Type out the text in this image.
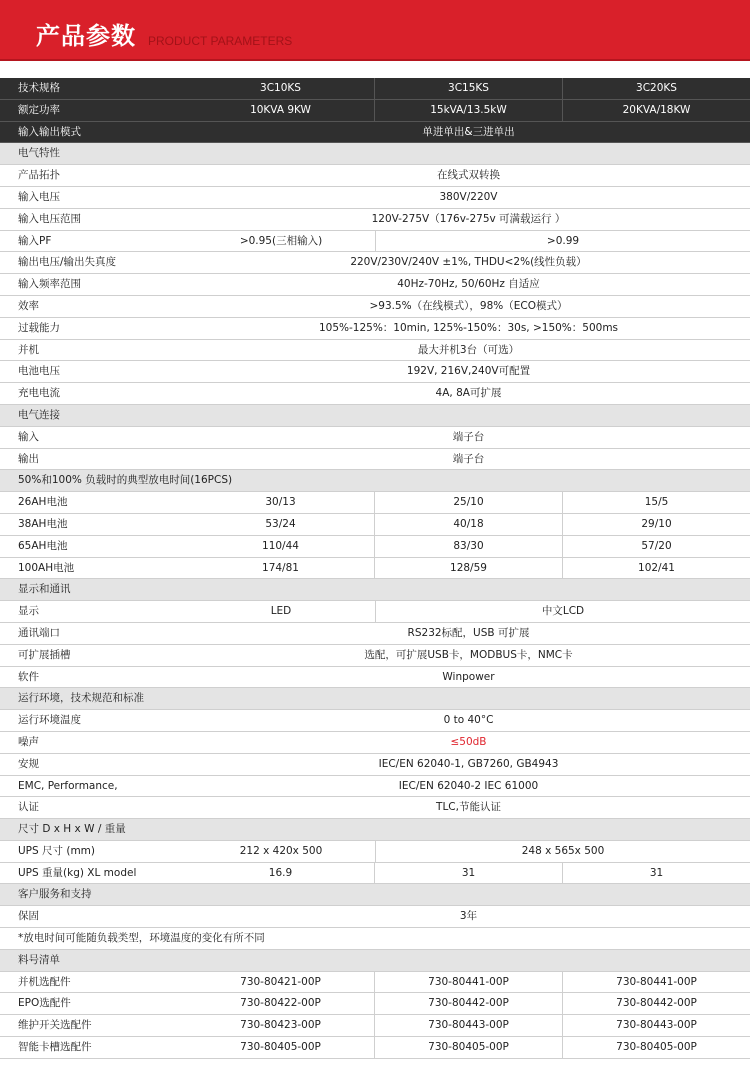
产品参数 PRODUCT PARAMETERS
技术规格	3C10KS	3C15KS	3C20KS
额定功率	10KVA 9KW	15kVA/13.5kW	20KVA/18KW
输入输出模式	单进单出&三进单出
电气特性
产品拓扑	在线式双转换
输入电压	380V/220V
输入电压范围	120V-275V（176v-275v 可满载运行 ）
输入PF	>0.95(三相输入)	>0.99
输出电压/输出失真度	220V/230V/240V ±1%, THDU<2%(线性负载）
输入频率范围	40Hz-70Hz, 50/60Hz 自适应
效率	>93.5%（在线模式），98%（ECO模式）
过载能力	105%-125%：10min, 125%-150%：30s, >150%：500ms
并机	最大并机3台（可选）
电池电压	192V, 216V,240V可配置
充电电流	4A, 8A可扩展
电气连接
输入	端子台
输出	端子台
50%和100% 负载时的典型放电时间(16PCS)
26AH电池	30/13	25/10	15/5
38AH电池	53/24	40/18	29/10
65AH电池	110/44	83/30	57/20
100AH电池	174/81	128/59	102/41
显示和通讯
显示	LED	中文LCD
通讯端口	RS232标配，USB 可扩展
可扩展插槽	选配，可扩展USB卡，MODBUS卡，NMC卡
软件	Winpower
运行环境，技术规范和标准
运行环境温度	0 to 40°C
噪声	≤50dB
安规	IEC/EN 62040-1, GB7260, GB4943
EMC, Performance,	IEC/EN 62040-2 IEC 61000
认证	TLC,节能认证
尺寸 D x H x W / 重量
UPS 尺寸 (mm)	212 x 420x 500	248 x 565x 500
UPS 重量(kg) XL model	16.9	31	31
客户服务和支持
保固	3年
*放电时间可能随负载类型，环境温度的变化有所不同
料号清单
并机选配件	730-80421-00P	730-80441-00P	730-80441-00P
EPO选配件	730-80422-00P	730-80442-00P	730-80442-00P
维护开关选配件	730-80423-00P	730-80443-00P	730-80443-00P
智能卡槽选配件	730-80405-00P	730-80405-00P	730-80405-00P
